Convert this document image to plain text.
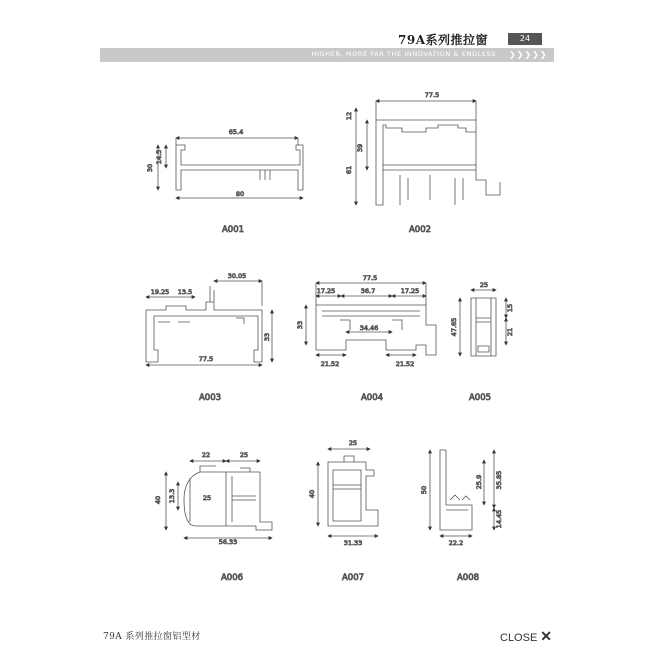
79A系列推拉窗	24
HIGHER, MORE FAR THE INNOVATION & ENDLESS ❯❯❯❯❯
65.4
30
14.5
80
A001
77.5
12
39
61
A002
30.05
19.25 13.5
33
77.5
A003
77.5
17.25	36.7	17.25
33	34.46
21.52	21.52
A004
25
15
47.65	21
A005
22	25
40 13.3	25
56.33
A006
25
40
31.33
A007
50
25.9 35.85
14.45
22.2
A008
79A 系列推拉窗铝型材	CLOSE ✕
